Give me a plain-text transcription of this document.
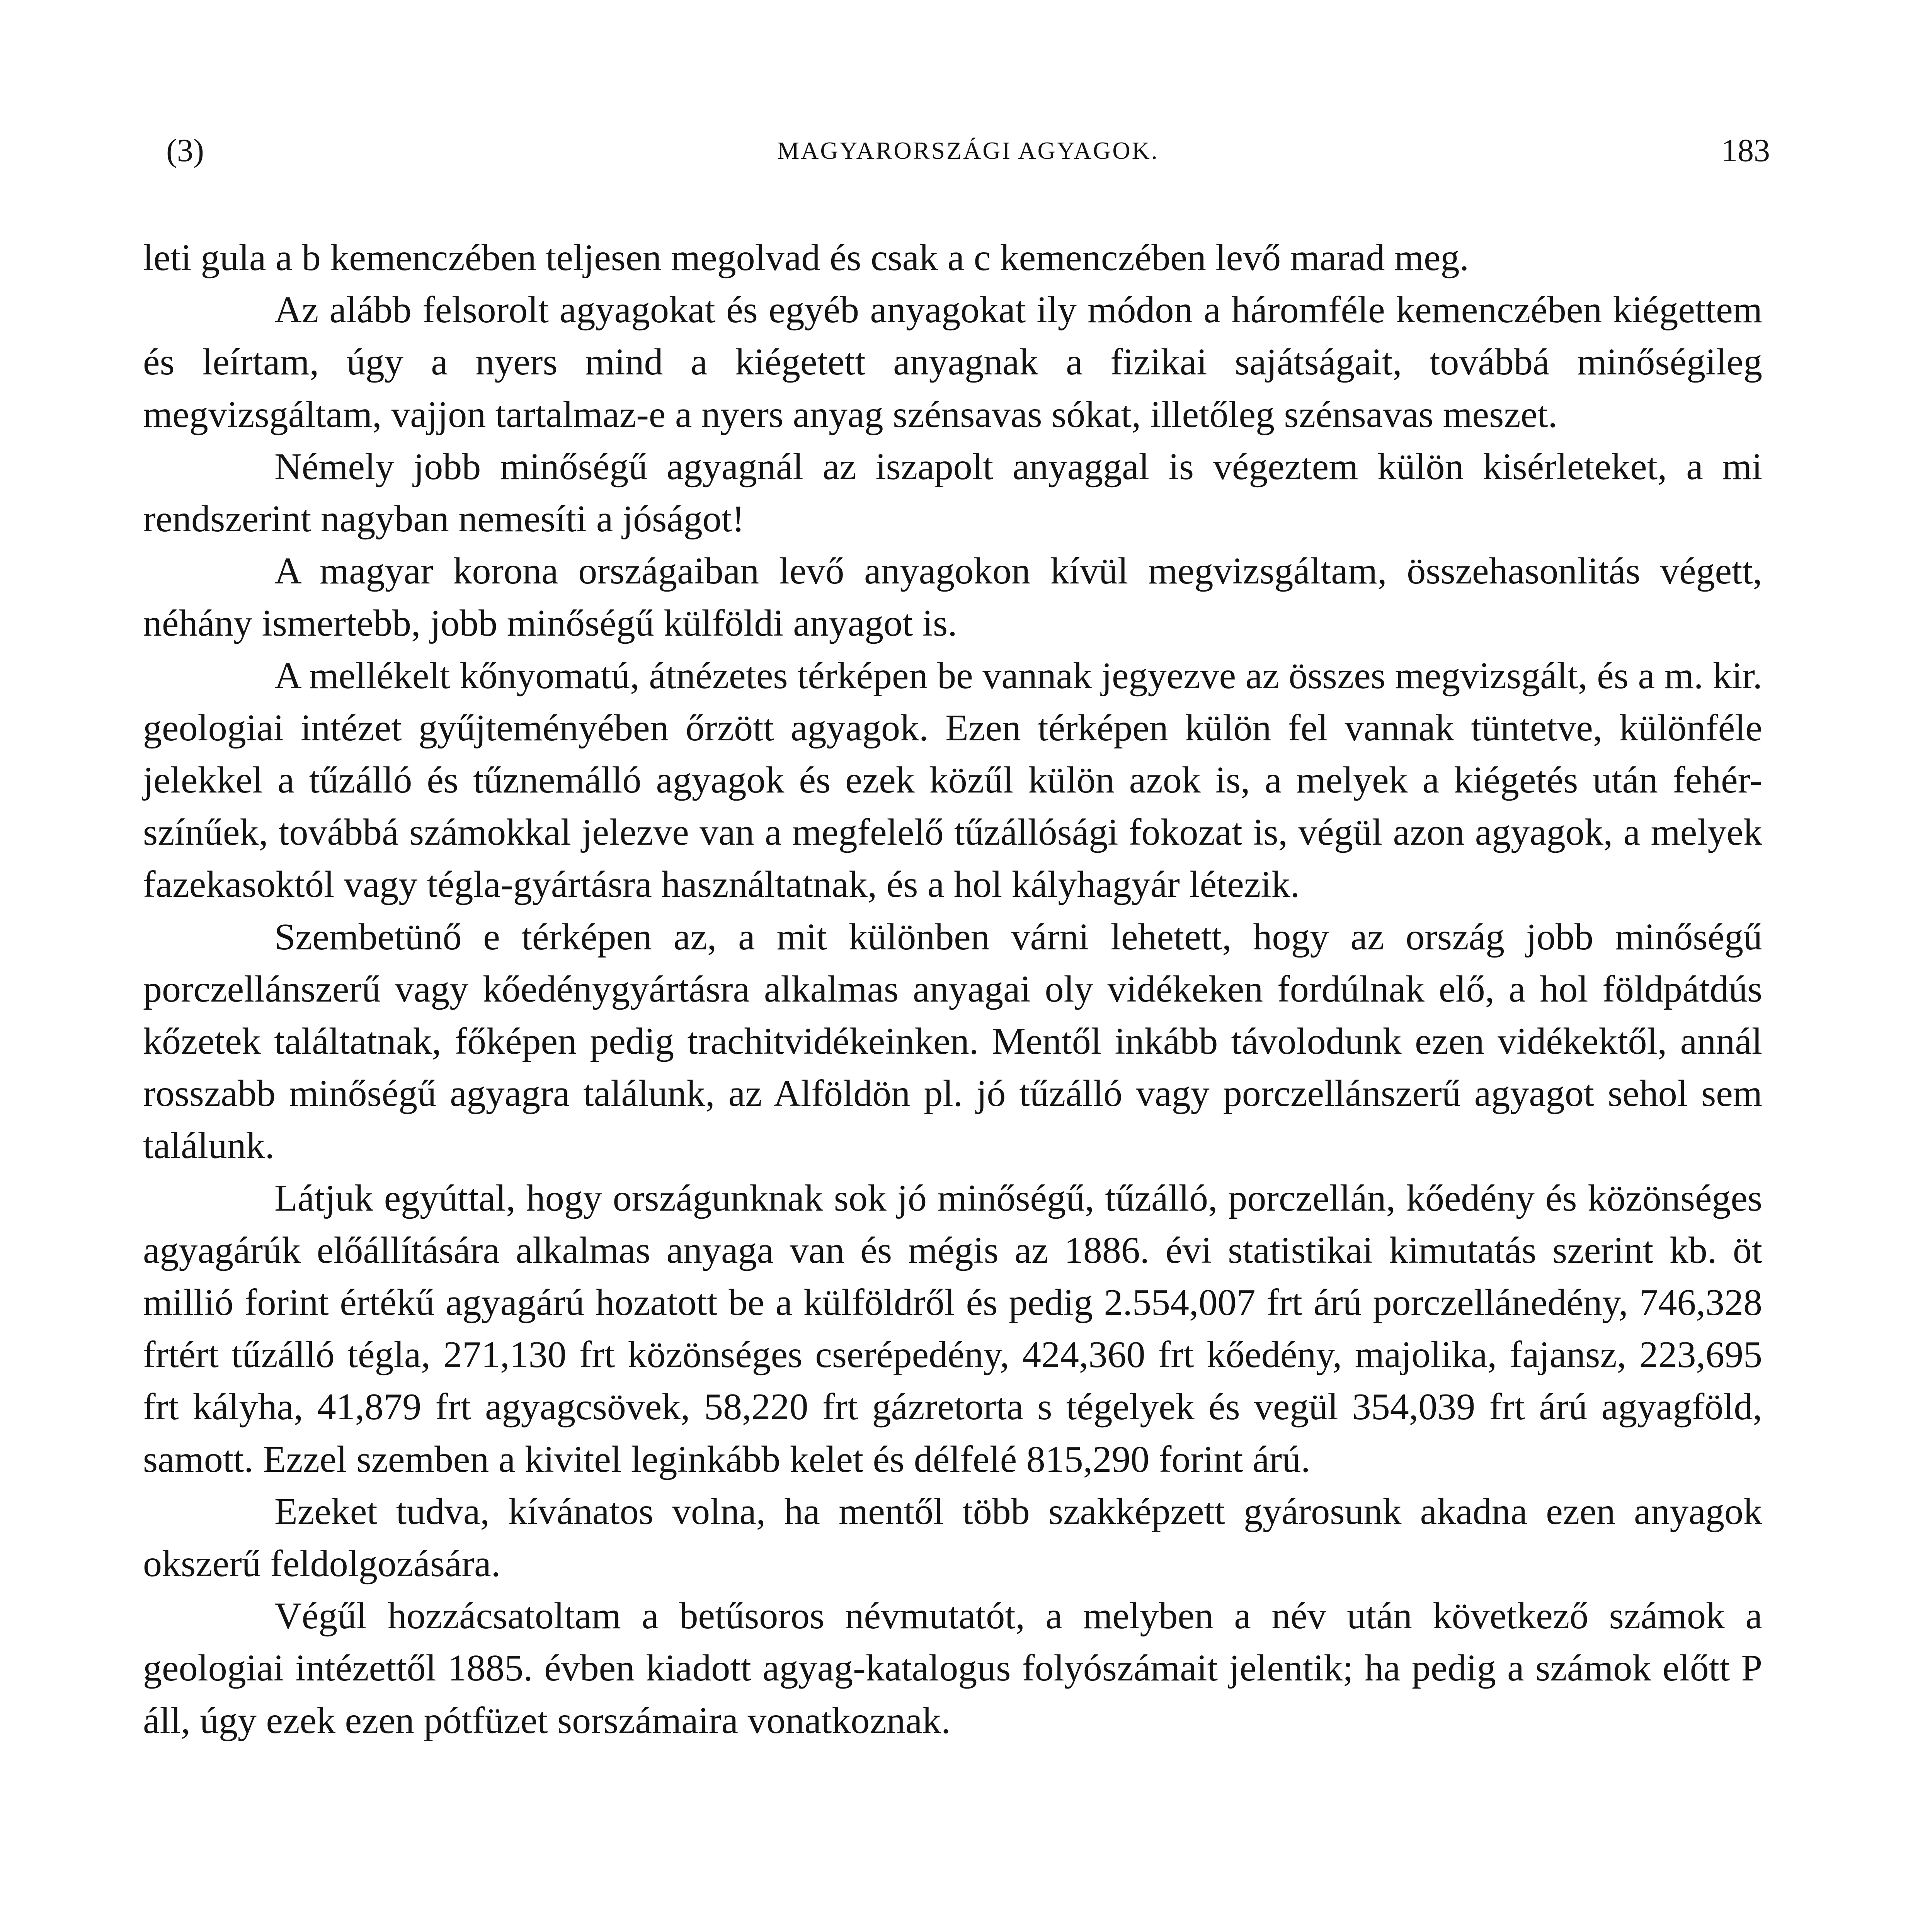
(3)	MAGYARORSZÁGI AGYAGOK.	183

leti gula a b kemenczében teljesen megolvad és csak a c kemenczében levő marad meg.

Az alább felsorolt agyagokat és egyéb anyagokat ily módon a háromféle kemenczében kiégettem és leírtam, úgy a nyers mind a kiégetett anyagnak a fizikai sajátságait, továbbá minőségileg megvizsgáltam, vajjon tartalmaz-e a nyers anyag szénsavas sókat, illetőleg szénsavas meszet.

Némely jobb minőségű agyagnál az iszapolt anyaggal is végeztem külön kisérleteket, a mi rendszerint nagyban nemesíti a jóságot!

A magyar korona országaiban levő anyagokon kívül megvizsgáltam, összehasonlitás végett, néhány ismertebb, jobb minőségű külföldi anyagot is.

A mellékelt kőnyomatú, átnézetes térképen be vannak jegyezve az összes megvizsgált, és a m. kir. geologiai intézet gyűjteményében őrzött agyagok. Ezen térképen külön fel vannak tüntetve, különféle jelekkel a tűzálló és tűznemálló agyagok és ezek közűl külön azok is, a melyek a kiégetés után fehér-színűek, továbbá számokkal jelezve van a megfelelő tűzállósági fokozat is, végül azon agyagok, a melyek fazekasoktól vagy tégla-gyártásra használtatnak, és a hol kályhagyár létezik.

Szembetünő e térképen az, a mit különben várni lehetett, hogy az ország jobb minőségű porczellánszerű vagy kőedénygyártásra alkalmas anyagai oly vidékeken fordúlnak elő, a hol földpátdús kőzetek találtatnak, főképen pedig trachitvidékeinken. Mentől inkább távolodunk ezen vidékektől, annál rosszabb minőségű agyagra találunk, az Alföldön pl. jó tűzálló vagy porczellánszerű agyagot sehol sem találunk.

Látjuk egyúttal, hogy országunknak sok jó minőségű, tűzálló, porczellán, kőedény és közönséges agyagárúk előállítására alkalmas anyaga van és mégis az 1886. évi statistikai kimutatás szerint kb. öt millió forint értékű agyagárú hozatott be a külföldről és pedig 2.554,007 frt árú porczellánedény, 746,328 frtért tűzálló tégla, 271,130 frt közönséges cserépedény, 424,360 frt kőedény, majolika, fajansz, 223,695 frt kályha, 41,879 frt agyagcsövek, 58,220 frt gázretorta s tégelyek és vegül 354,039 frt árú agyagföld, samott. Ezzel szemben a kivitel leginkább kelet és délfelé 815,290 forint árú.

Ezeket tudva, kívánatos volna, ha mentől több szakképzett gyárosunk akadna ezen anyagok okszerű feldolgozására.

Végűl hozzácsatoltam a betűsoros névmutatót, a melyben a név után következő számok a geologiai intézettől 1885. évben kiadott agyag-katalogus folyószámait jelentik; ha pedig a számok előtt P áll, úgy ezek ezen pótfüzet sorszámaira vonatkoznak.
